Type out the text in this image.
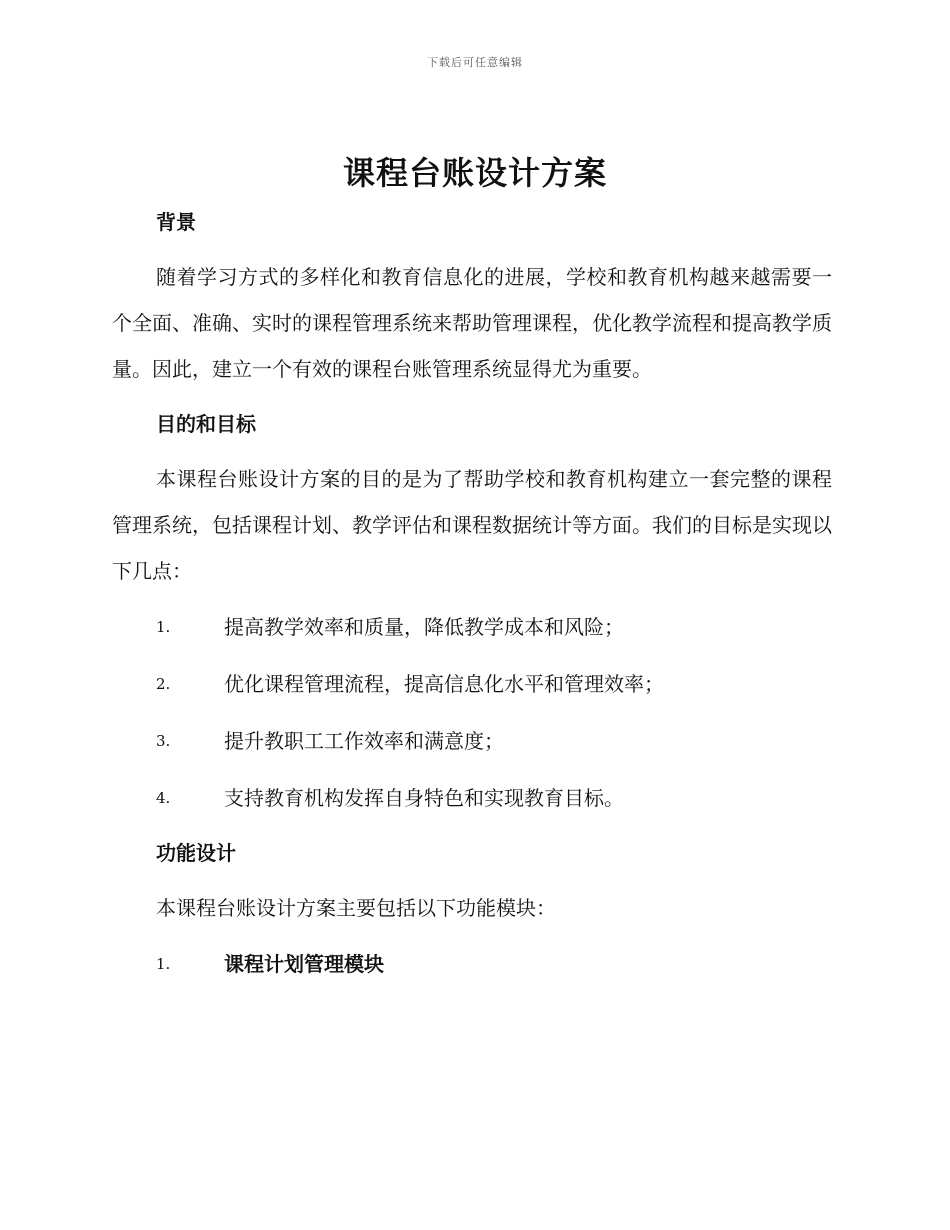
下载后可任意编辑
课程台账设计方案
背景

随着学习方式的多样化和教育信息化的进展，学校和教育机构越来越需要一个全面、准确、实时的课程管理系统来帮助管理课程，优化教学流程和提高教学质量。因此，建立一个有效的课程台账管理系统显得尤为重要。

目的和目标

本课程台账设计方案的目的是为了帮助学校和教育机构建立一套完整的课程管理系统，包括课程计划、教学评估和课程数据统计等方面。我们的目标是实现以下几点：

1.	提高教学效率和质量，降低教学成本和风险；
2.	优化课程管理流程，提高信息化水平和管理效率；
3.	提升教职工工作效率和满意度；
4.	支持教育机构发挥自身特色和实现教育目标。
功能设计

本课程台账设计方案主要包括以下功能模块：

1.	课程计划管理模块
